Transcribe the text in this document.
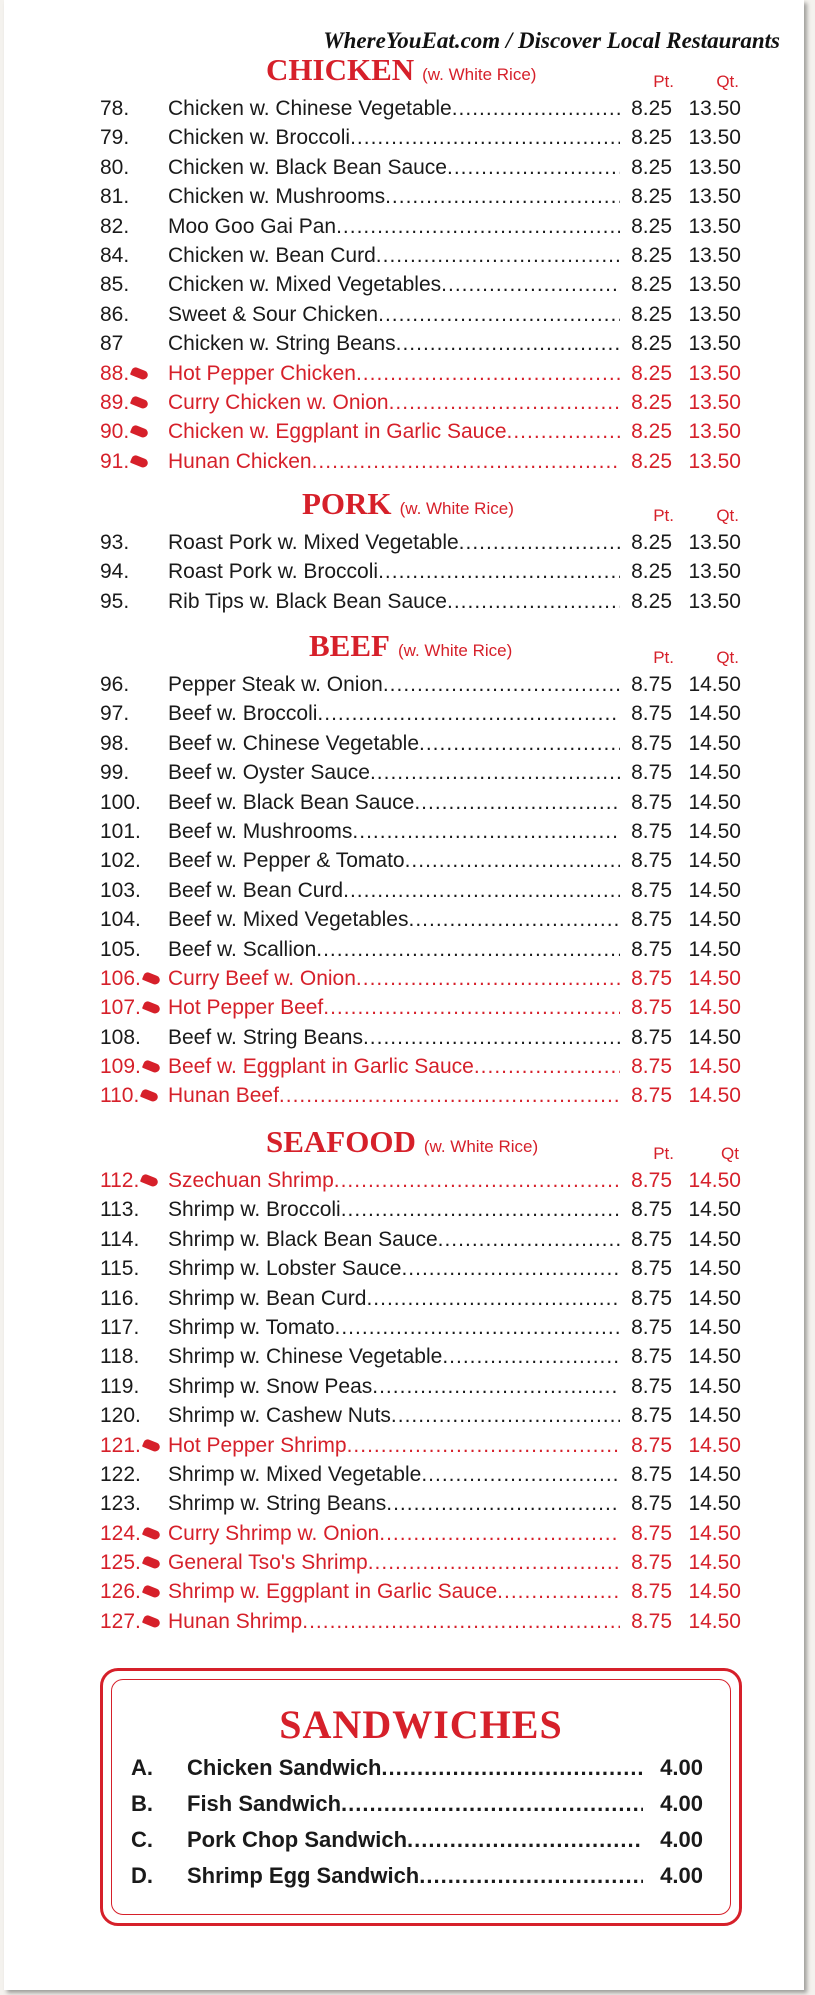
WhereYouEat.com / Discover Local Restaurants
CHICKEN (w. White Rice)	Pt.	Qt.
78.	Chicken w. Chinese Vegetable .....	8.25 13.50
79.	Chicken w. Broccoli .....	8.25 13.50
80.	Chicken w. Black Bean Sauce .....	8.25 13.50
81.	Chicken w. Mushrooms .....	8.25 13.50
82.	Moo Goo Gai Pan .....	8.25 13.50
84.	Chicken w. Bean Curd .....	8.25 13.50
85.	Chicken w. Mixed Vegetables .....	8.25 13.50
86.	Sweet & Sour Chicken .....	8.25 13.50
87	Chicken w. String Beans .....	8.25 13.50
88.	Hot Pepper Chicken .....	8.25 13.50
89.	Curry Chicken w. Onion .....	8.25 13.50
90.	Chicken w. Eggplant in Garlic Sauce .....	8.25 13.50
91.	Hunan Chicken .....	8.25 13.50
PORK (w. White Rice)	Pt.	Qt.
93.	Roast Pork w. Mixed Vegetable .....	8.25 13.50
94.	Roast Pork w. Broccoli .....	8.25 13.50
95.	Rib Tips w. Black Bean Sauce .....	8.25 13.50
BEEF (w. White Rice)	Pt.	Qt.
96.	Pepper Steak w. Onion .....	8.75 14.50
97.	Beef w. Broccoli .....	8.75 14.50
98.	Beef w. Chinese Vegetable .....	8.75 14.50
99.	Beef w. Oyster Sauce .....	8.75 14.50
100.	Beef w. Black Bean Sauce .....	8.75 14.50
101.	Beef w. Mushrooms .....	8.75 14.50
102.	Beef w. Pepper & Tomato .....	8.75 14.50
103.	Beef w. Bean Curd .....	8.75 14.50
104.	Beef w. Mixed Vegetables .....	8.75 14.50
105.	Beef w. Scallion .....	8.75 14.50
106.	Curry Beef w. Onion .....	8.75 14.50
107.	Hot Pepper Beef .....	8.75 14.50
108.	Beef w. String Beans .....	8.75 14.50
109.	Beef w. Eggplant in Garlic Sauce .....	8.75 14.50
110.	Hunan Beef .....	8.75 14.50
SEAFOOD (w. White Rice)	Pt.	Qt
112.	Szechuan Shrimp .....	8.75 14.50
113.	Shrimp w. Broccoli .....	8.75 14.50
114.	Shrimp w. Black Bean Sauce .....	8.75 14.50
115.	Shrimp w. Lobster Sauce .....	8.75 14.50
116.	Shrimp w. Bean Curd .....	8.75 14.50
117.	Shrimp w. Tomato .....	8.75 14.50
118.	Shrimp w. Chinese Vegetable .....	8.75 14.50
119.	Shrimp w. Snow Peas .....	8.75 14.50
120.	Shrimp w. Cashew Nuts .....	8.75 14.50
121.	Hot Pepper Shrimp .....	8.75 14.50
122.	Shrimp w. Mixed Vegetable .....	8.75 14.50
123.	Shrimp w. String Beans .....	8.75 14.50
124.	Curry Shrimp w. Onion .....	8.75 14.50
125.	General Tso's Shrimp .....	8.75 14.50
126.	Shrimp w. Eggplant in Garlic Sauce .....	8.75 14.50
127.	Hunan Shrimp .....	8.75 14.50
SANDWICHES
A.	Chicken Sandwich .....	4.00
B.	Fish Sandwich .....	4.00
C.	Pork Chop Sandwich .....	4.00
D.	Shrimp Egg Sandwich .....	4.00
